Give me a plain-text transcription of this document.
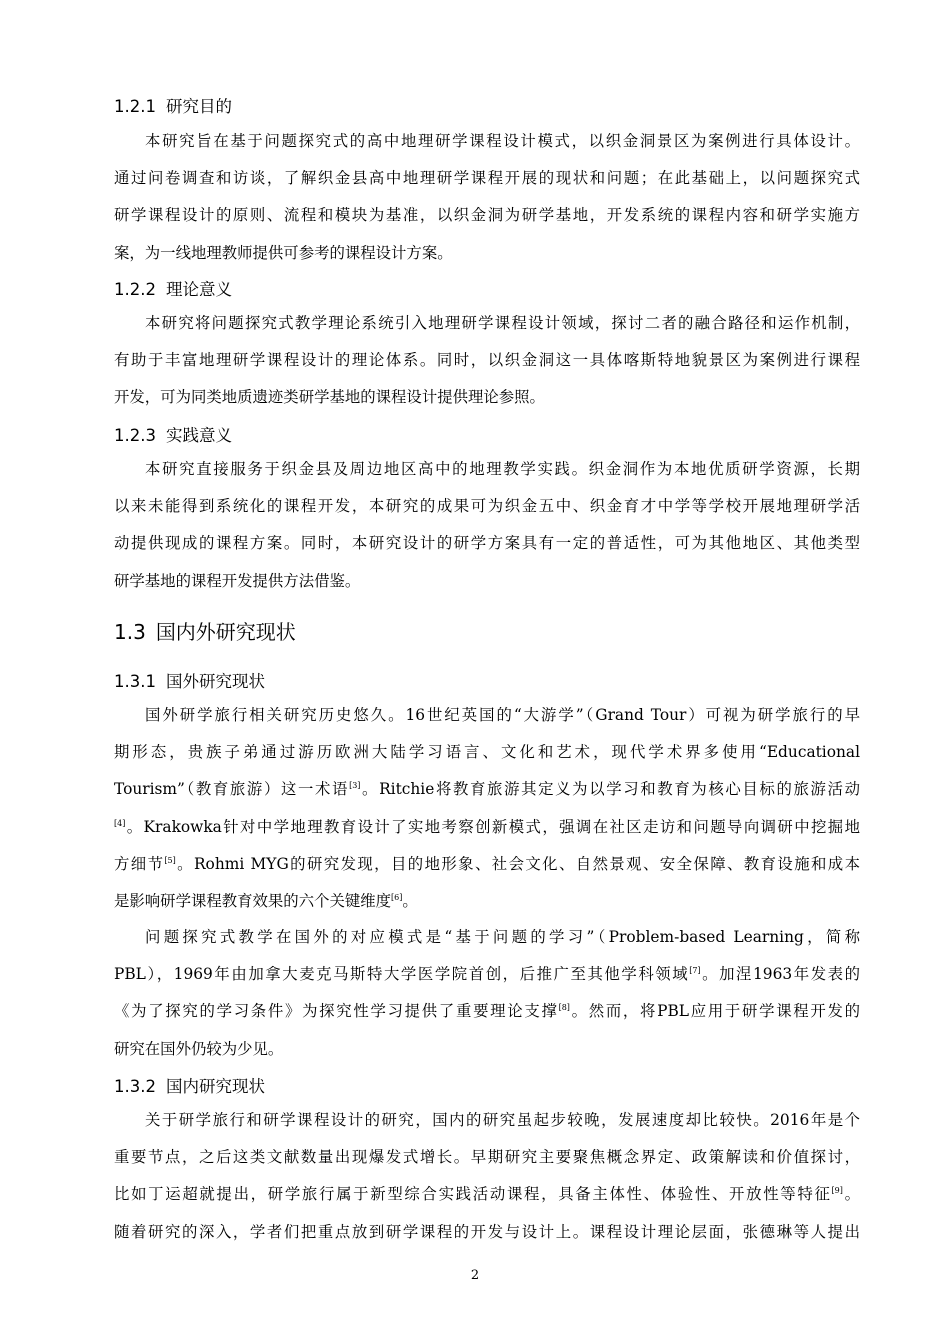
1.2.1 研究目的
本研究旨在基于问题探究式的高中地理研学课程设计模式，以织金洞景区为案例进行具体设计。
通过问卷调查和访谈，了解织金县高中地理研学课程开展的现状和问题；在此基础上，以问题探究式
研学课程设计的原则、流程和模块为基准，以织金洞为研学基地，开发系统的课程内容和研学实施方
案，为一线地理教师提供可参考的课程设计方案。
1.2.2 理论意义
本研究将问题探究式教学理论系统引入地理研学课程设计领域，探讨二者的融合路径和运作机制，
有助于丰富地理研学课程设计的理论体系。同时，以织金洞这一具体喀斯特地貌景区为案例进行课程
开发，可为同类地质遗迹类研学基地的课程设计提供理论参照。
1.2.3 实践意义
本研究直接服务于织金县及周边地区高中的地理教学实践。织金洞作为本地优质研学资源，长期
以来未能得到系统化的课程开发，本研究的成果可为织金五中、织金育才中学等学校开展地理研学活
动提供现成的课程方案。同时，本研究设计的研学方案具有一定的普适性，可为其他地区、其他类型
研学基地的课程开发提供方法借鉴。
1.3 国内外研究现状
1.3.1 国外研究现状
国外研学旅行相关研究历史悠久。16世纪英国的“大游学”（Grand Tour）可视为研学旅行的早
期形态，贵族子弟通过游历欧洲大陆学习语言、文化和艺术，现代学术界多使用“Educational
Tourism”（教育旅游）这一术语[3]。Ritchie将教育旅游其定义为以学习和教育为核心目标的旅游活动
[4]。Krakowka针对中学地理教育设计了实地考察创新模式，强调在社区走访和问题导向调研中挖掘地
方细节[5]。Rohmi MYG的研究发现，目的地形象、社会文化、自然景观、安全保障、教育设施和成本
是影响研学课程教育效果的六个关键维度[6]。
问题探究式教学在国外的对应模式是“基于问题的学习”（Problem-based Learning，简称
PBL），1969年由加拿大麦克马斯特大学医学院首创，后推广至其他学科领域[7]。加涅1963年发表的
《为了探究的学习条件》为探究性学习提供了重要理论支撑[8]。然而，将PBL应用于研学课程开发的
研究在国外仍较为少见。
1.3.2 国内研究现状
关于研学旅行和研学课程设计的研究，国内的研究虽起步较晚，发展速度却比较快。2016年是个
重要节点，之后这类文献数量出现爆发式增长。早期研究主要聚焦概念界定、政策解读和价值探讨，
比如丁运超就提出，研学旅行属于新型综合实践活动课程，具备主体性、体验性、开放性等特征[9]。
随着研究的深入，学者们把重点放到研学课程的开发与设计上。课程设计理论层面，张德琳等人提出
2
